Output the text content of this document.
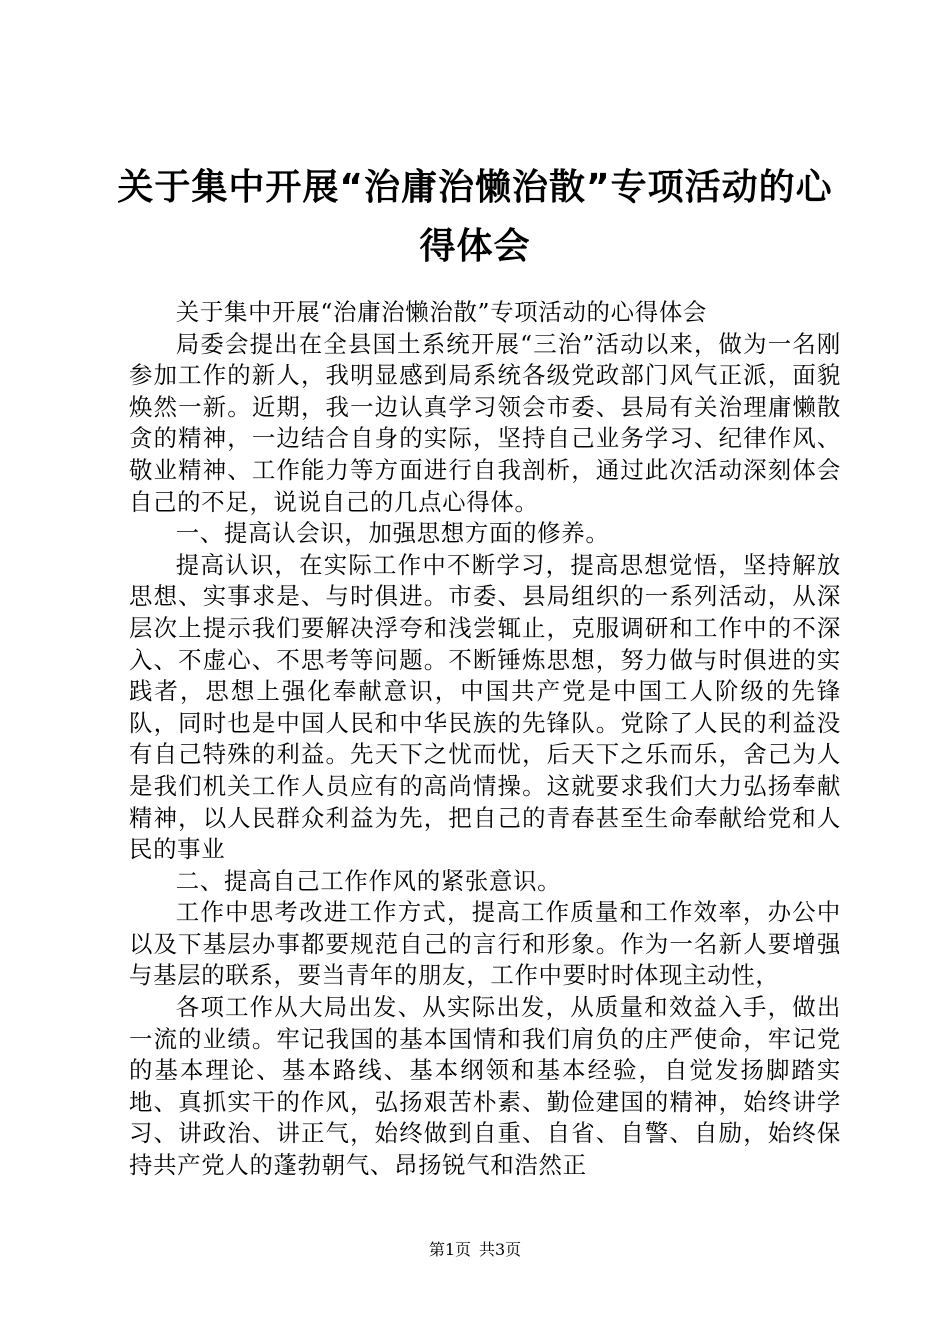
关于集中开展“治庸治懒治散”专项活动的心
得体会

关于集中开展“治庸治懒治散”专项活动的心得体会

局委会提出在全县国土系统开展“三治”活动以来，做为一名刚参加工作的新人，我明显感到局系统各级党政部门风气正派，面貌焕然一新。近期，我一边认真学习领会市委、县局有关治理庸懒散贪的精神，一边结合自身的实际，坚持自己业务学习、纪律作风、敬业精神、工作能力等方面进行自我剖析，通过此次活动深刻体会自己的不足，说说自己的几点心得体。

一、提高认会识，加强思想方面的修养。

提高认识，在实际工作中不断学习，提高思想觉悟，坚持解放思想、实事求是、与时俱进。市委、县局组织的一系列活动，从深层次上提示我们要解决浮夸和浅尝辄止，克服调研和工作中的不深入、不虚心、不思考等问题。不断锤炼思想，努力做与时俱进的实践者，思想上强化奉献意识，中国共产党是中国工人阶级的先锋队，同时也是中国人民和中华民族的先锋队。党除了人民的利益没有自己特殊的利益。先天下之忧而忧，后天下之乐而乐，舍己为人是我们机关工作人员应有的高尚情操。这就要求我们大力弘扬奉献精神，以人民群众利益为先，把自己的青春甚至生命奉献给党和人民的事业

二、提高自己工作作风的紧张意识。

工作中思考改进工作方式，提高工作质量和工作效率，办公中以及下基层办事都要规范自己的言行和形象。作为一名新人要增强与基层的联系，要当青年的朋友，工作中要时时体现主动性，

各项工作从大局出发、从实际出发，从质量和效益入手，做出一流的业绩。牢记我国的基本国情和我们肩负的庄严使命，牢记党的基本理论、基本路线、基本纲领和基本经验，自觉发扬脚踏实地、真抓实干的作风，弘扬艰苦朴素、勤俭建国的精神，始终讲学习、讲政治、讲正气，始终做到自重、自省、自警、自励，始终保持共产党人的蓬勃朝气、昂扬锐气和浩然正

第1页 共3页
